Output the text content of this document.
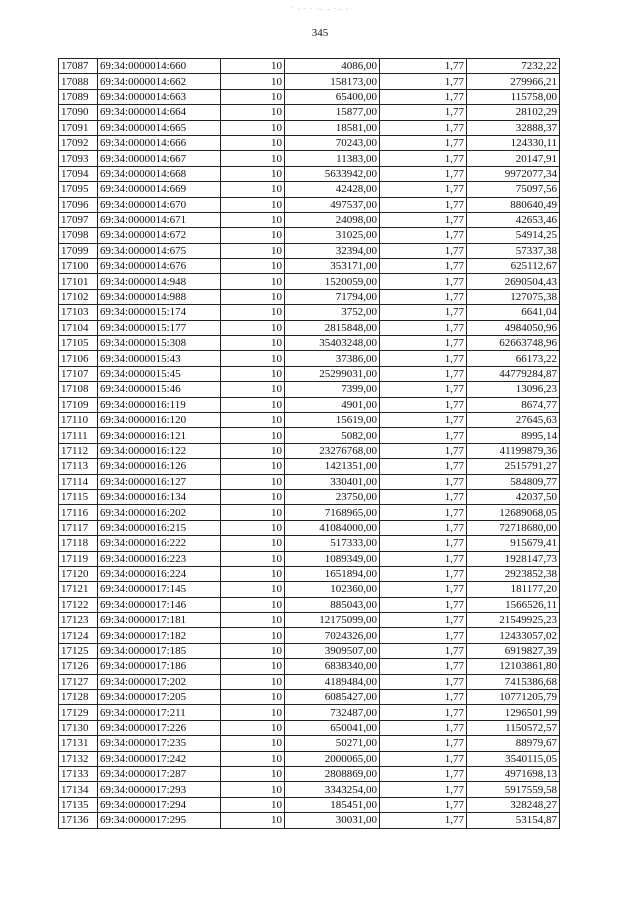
- . . . ._ _ ._ .
345
17087	69:34:0000014:660	10	4086,00	1,77	7232,22
17088	69:34:0000014:662	10	158173,00	1,77	279966,21
17089	69:34:0000014:663	10	65400,00	1,77	115758,00
17090	69:34:0000014:664	10	15877,00	1,77	28102,29
17091	69:34:0000014:665	10	18581,00	1,77	32888,37
17092	69:34:0000014:666	10	70243,00	1,77	124330,11
17093	69:34:0000014:667	10	11383,00	1,77	20147,91
17094	69:34:0000014:668	10	5633942,00	1,77	9972077,34
17095	69:34:0000014:669	10	42428,00	1,77	75097,56
17096	69:34:0000014:670	10	497537,00	1,77	880640,49
17097	69:34:0000014:671	10	24098,00	1,77	42653,46
17098	69:34:0000014:672	10	31025,00	1,77	54914,25
17099	69:34:0000014:675	10	32394,00	1,77	57337,38
17100	69:34:0000014:676	10	353171,00	1,77	625112,67
17101	69:34:0000014:948	10	1520059,00	1,77	2690504,43
17102	69:34:0000014:988	10	71794,00	1,77	127075,38
17103	69:34:0000015:174	10	3752,00	1,77	6641,04
17104	69:34:0000015:177	10	2815848,00	1,77	4984050,96
17105	69:34:0000015:308	10	35403248,00	1,77	62663748,96
17106	69:34:0000015:43	10	37386,00	1,77	66173,22
17107	69:34:0000015:45	10	25299031,00	1,77	44779284,87
17108	69:34:0000015:46	10	7399,00	1,77	13096,23
17109	69:34:0000016:119	10	4901,00	1,77	8674,77
17110	69:34:0000016:120	10	15619,00	1,77	27645,63
17111	69:34:0000016:121	10	5082,00	1,77	8995,14
17112	69:34:0000016:122	10	23276768,00	1,77	41199879,36
17113	69:34:0000016:126	10	1421351,00	1,77	2515791,27
17114	69:34:0000016:127	10	330401,00	1,77	584809,77
17115	69:34:0000016:134	10	23750,00	1,77	42037,50
17116	69:34:0000016:202	10	7168965,00	1,77	12689068,05
17117	69:34:0000016:215	10	41084000,00	1,77	72718680,00
17118	69:34:0000016:222	10	517333,00	1,77	915679,41
17119	69:34:0000016:223	10	1089349,00	1,77	1928147,73
17120	69:34:0000016:224	10	1651894,00	1,77	2923852,38
17121	69:34:0000017:145	10	102360,00	1,77	181177,20
17122	69:34:0000017:146	10	885043,00	1,77	1566526,11
17123	69:34:0000017:181	10	12175099,00	1,77	21549925,23
17124	69:34:0000017:182	10	7024326,00	1,77	12433057,02
17125	69:34:0000017:185	10	3909507,00	1,77	6919827,39
17126	69:34:0000017:186	10	6838340,00	1,77	12103861,80
17127	69:34:0000017:202	10	4189484,00	1,77	7415386,68
17128	69:34:0000017:205	10	6085427,00	1,77	10771205,79
17129	69:34:0000017:211	10	732487,00	1,77	1296501,99
17130	69:34:0000017:226	10	650041,00	1,77	1150572,57
17131	69:34:0000017:235	10	50271,00	1,77	88979,67
17132	69:34:0000017:242	10	2000065,00	1,77	3540115,05
17133	69:34:0000017:287	10	2808869,00	1,77	4971698,13
17134	69:34:0000017:293	10	3343254,00	1,77	5917559,58
17135	69:34:0000017:294	10	185451,00	1,77	328248,27
17136	69:34:0000017:295	10	30031,00	1,77	53154,87
